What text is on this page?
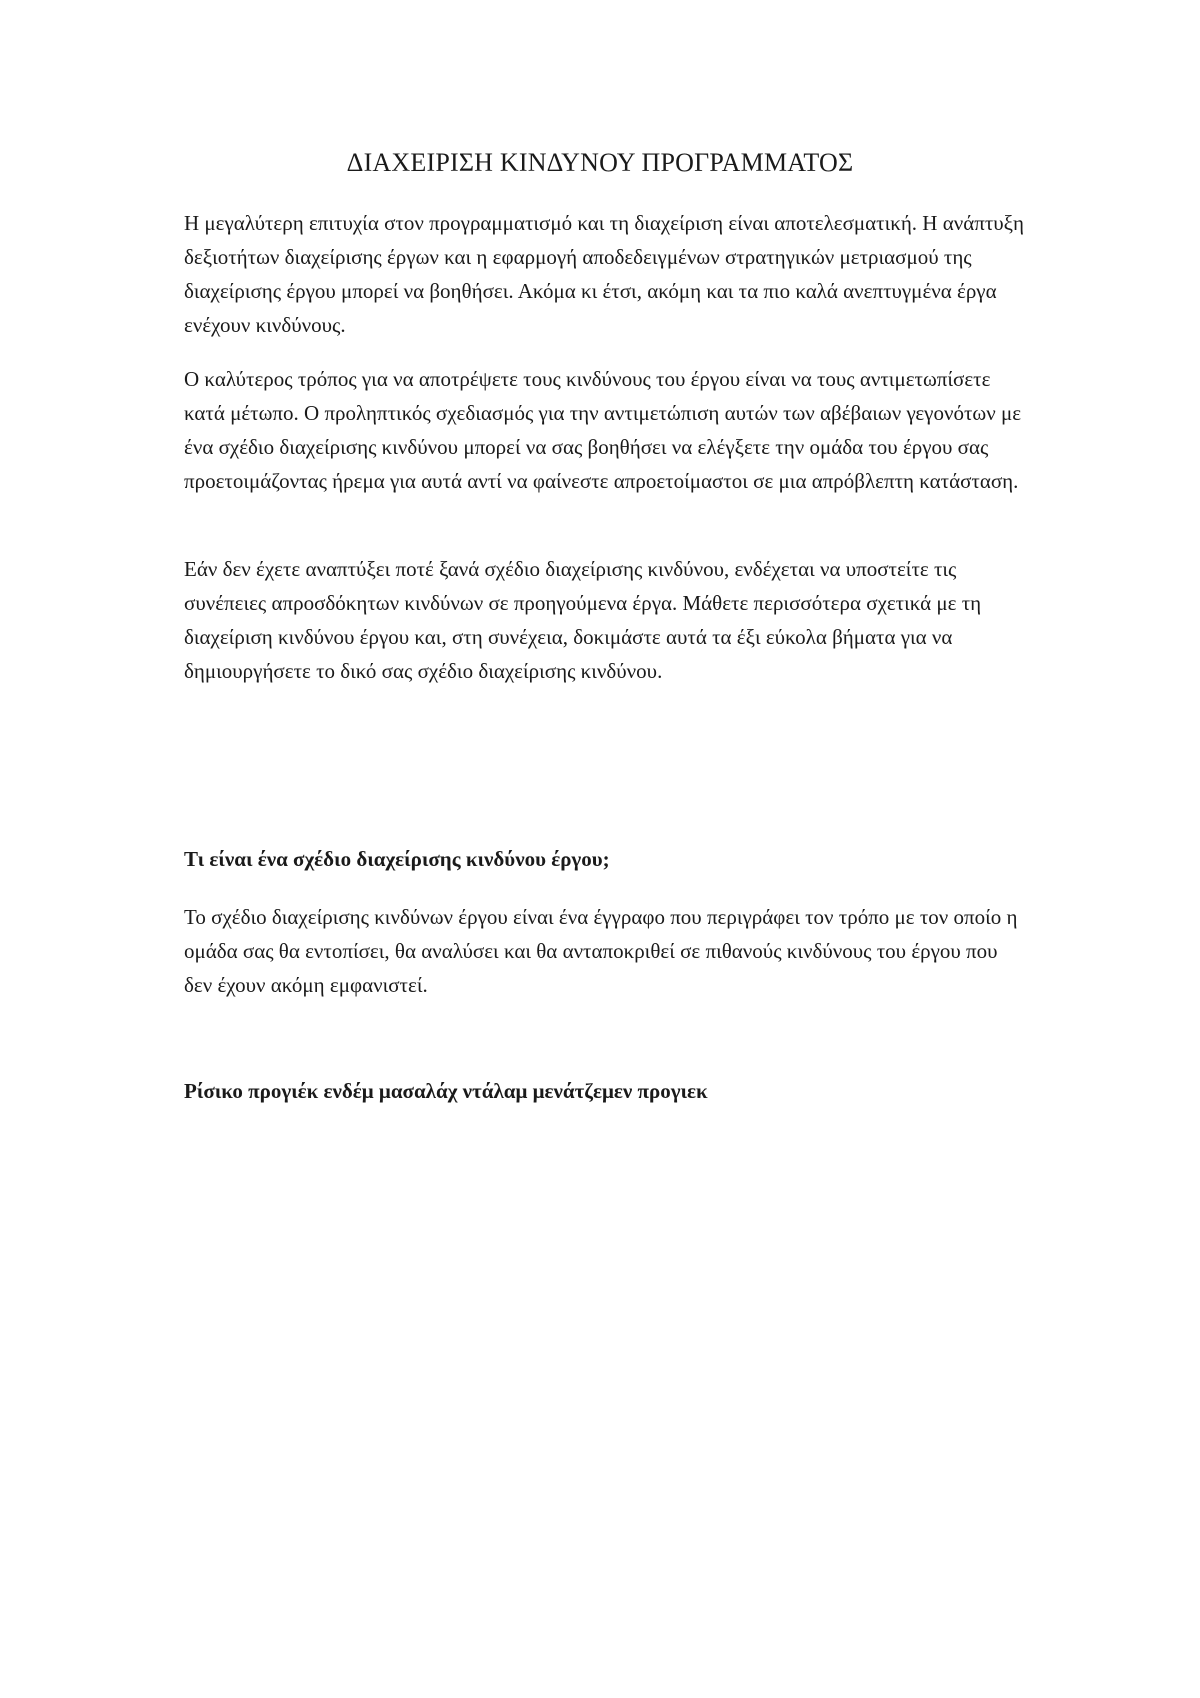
ΔΙΑΧΕΙΡΙΣΗ ΚΙΝΔΥΝΟΥ ΠΡΟΓΡΑΜΜΑΤΟΣ

Η μεγαλύτερη επιτυχία στον προγραμματισμό και τη διαχείριση είναι αποτελεσματική. Η ανάπτυξη δεξιοτήτων διαχείρισης έργων και η εφαρμογή αποδεδειγμένων στρατηγικών μετριασμού της διαχείρισης έργου μπορεί να βοηθήσει. Ακόμα κι έτσι, ακόμη και τα πιο καλά ανεπτυγμένα έργα ενέχουν κινδύνους.

Ο καλύτερος τρόπος για να αποτρέψετε τους κινδύνους του έργου είναι να τους αντιμετωπίσετε κατά μέτωπο. Ο προληπτικός σχεδιασμός για την αντιμετώπιση αυτών των αβέβαιων γεγονότων με ένα σχέδιο διαχείρισης κινδύνου μπορεί να σας βοηθήσει να ελέγξετε την ομάδα του έργου σας προετοιμάζοντας ήρεμα για αυτά αντί να φαίνεστε απροετοίμαστοι σε μια απρόβλεπτη κατάσταση.

Εάν δεν έχετε αναπτύξει ποτέ ξανά σχέδιο διαχείρισης κινδύνου, ενδέχεται να υποστείτε τις συνέπειες απροσδόκητων κινδύνων σε προηγούμενα έργα. Μάθετε περισσότερα σχετικά με τη διαχείριση κινδύνου έργου και, στη συνέχεια, δοκιμάστε αυτά τα έξι εύκολα βήματα για να δημιουργήσετε το δικό σας σχέδιο διαχείρισης κινδύνου.

Τι είναι ένα σχέδιο διαχείρισης κινδύνου έργου;

Το σχέδιο διαχείρισης κινδύνων έργου είναι ένα έγγραφο που περιγράφει τον τρόπο με τον οποίο η ομάδα σας θα εντοπίσει, θα αναλύσει και θα ανταποκριθεί σε πιθανούς κινδύνους του έργου που δεν έχουν ακόμη εμφανιστεί.

Ρίσικο προγιέκ ενδέμ μασαλάχ ντάλαμ μενάτζεμεν προγιεκ
